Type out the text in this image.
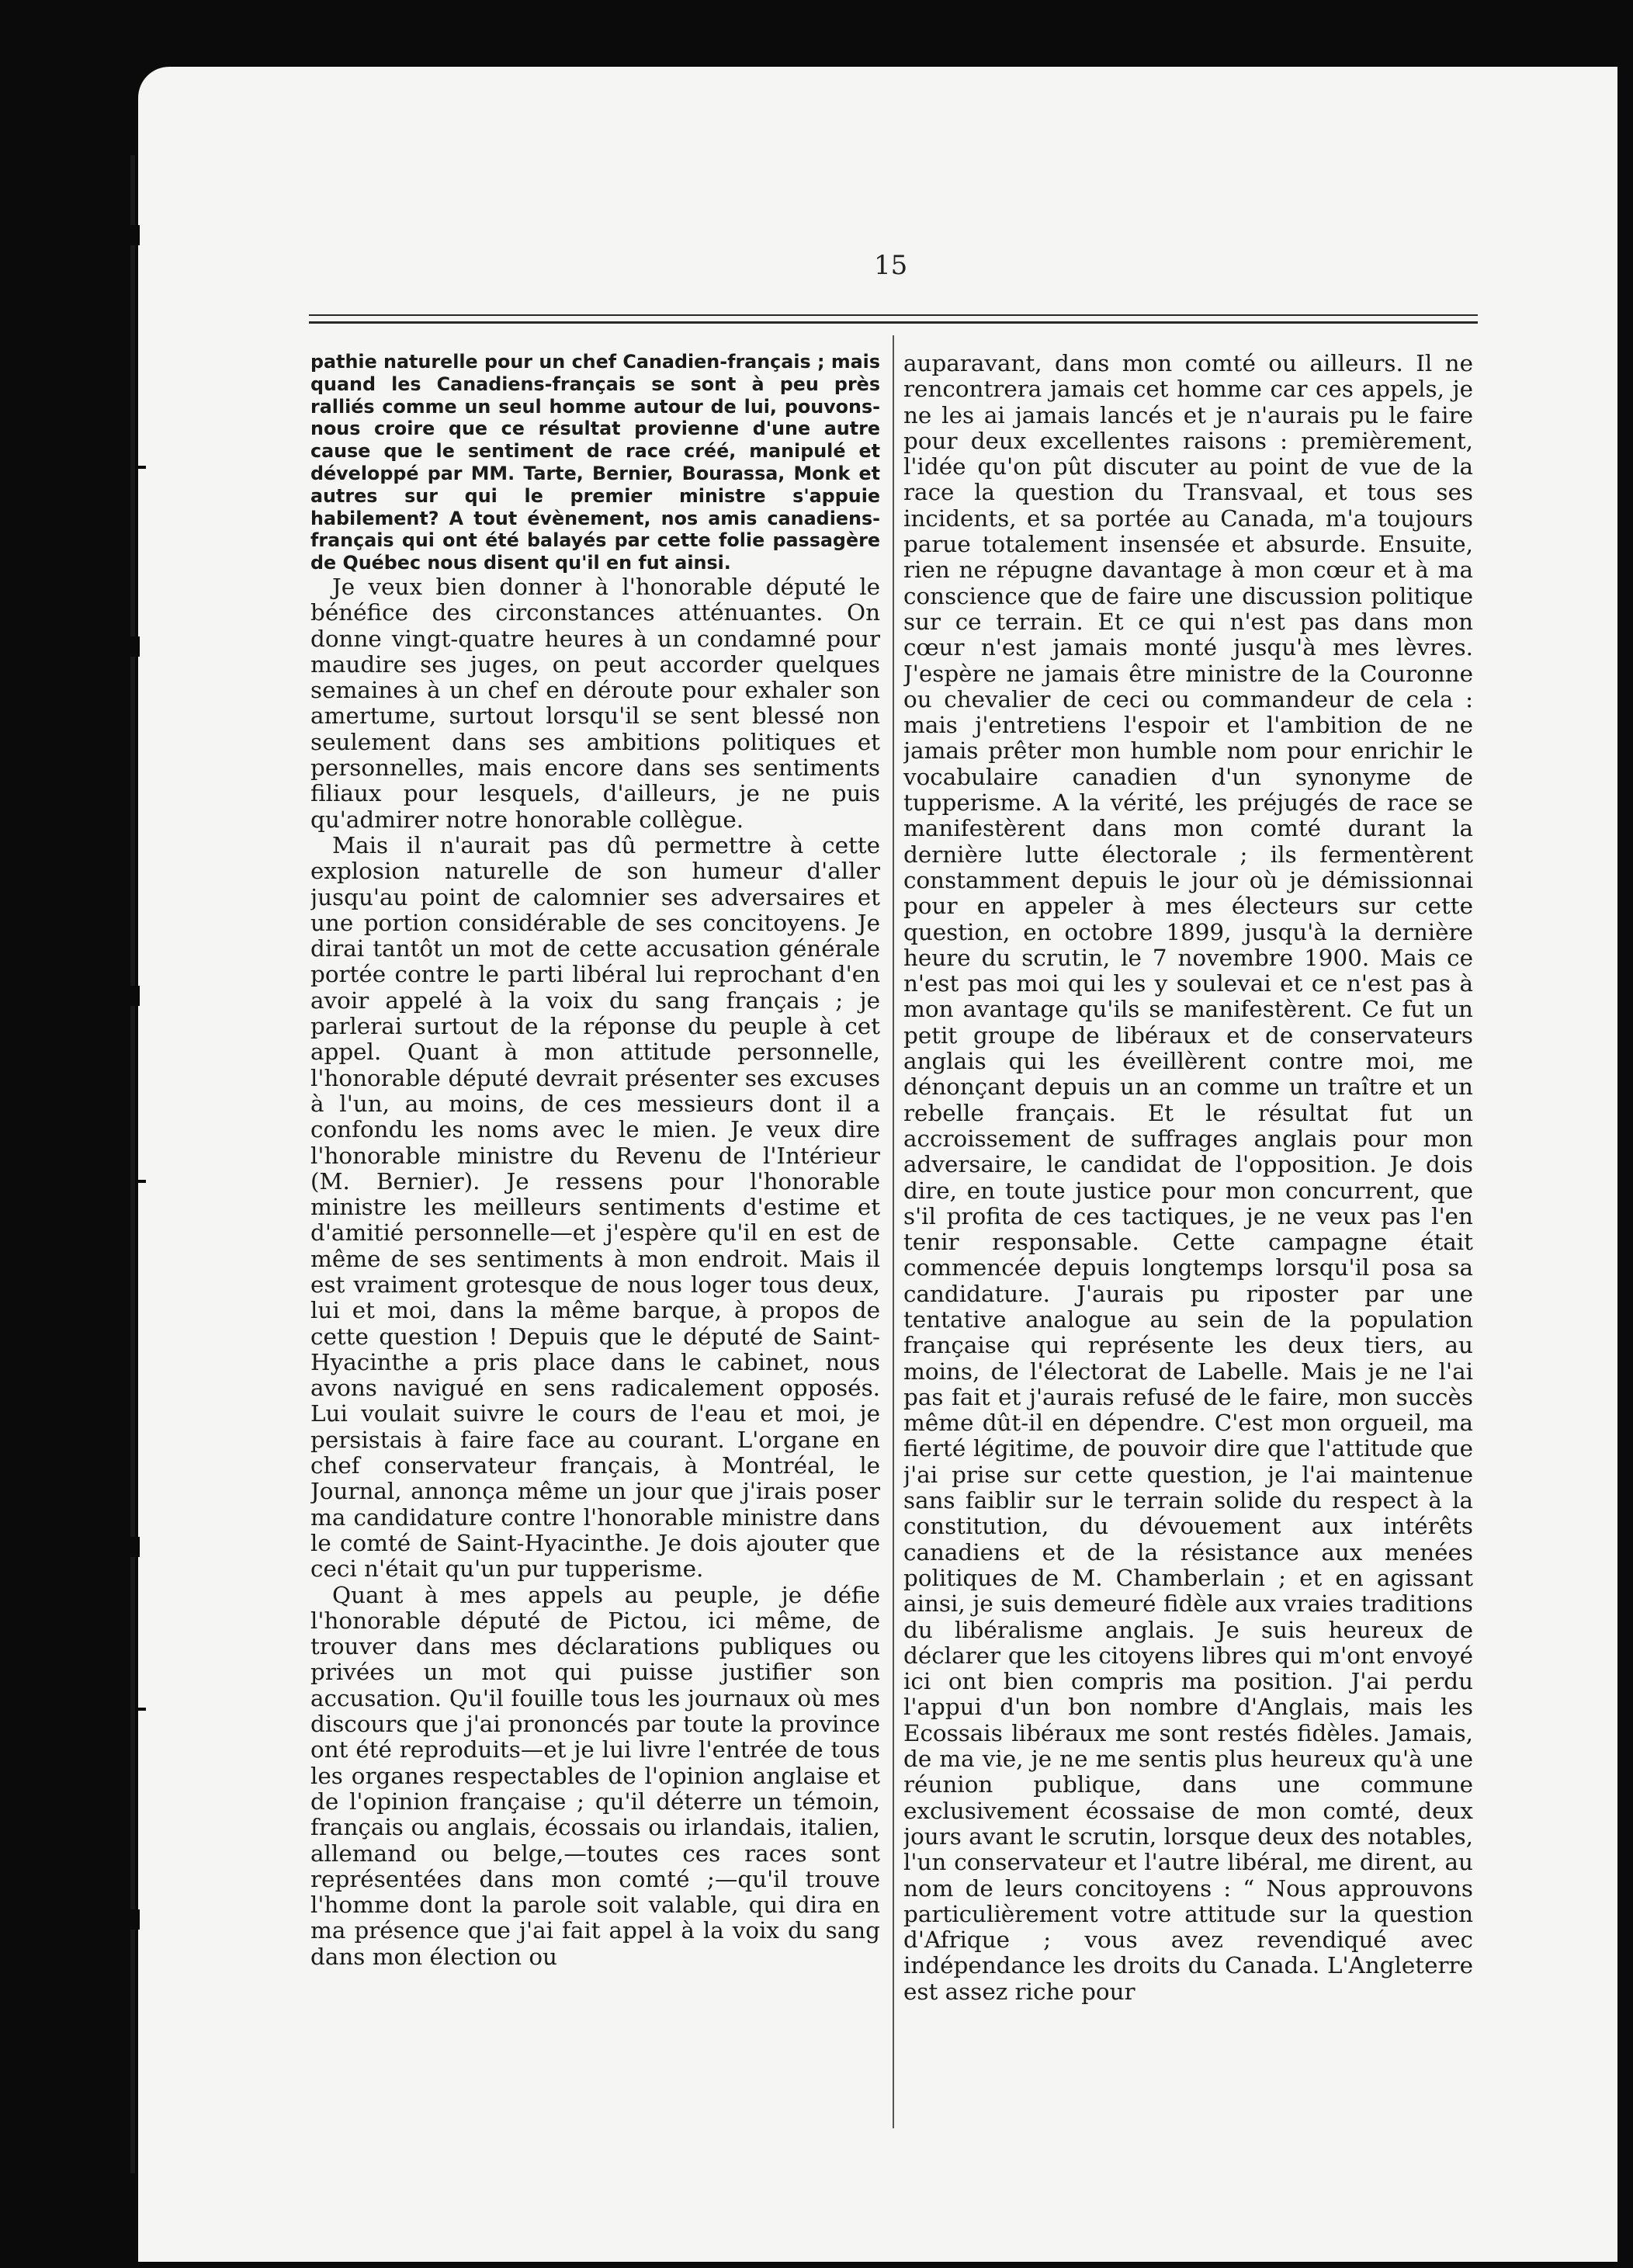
15

pathie naturelle pour un chef Canadien-français ; mais quand les Canadiens-français se sont à peu près ralliés comme un seul homme autour de lui, pouvons-nous croire que ce résultat provienne d'une autre cause que le sentiment de race créé, manipulé et développé par MM. Tarte, Bernier, Bourassa, Monk et autres sur qui le premier ministre s'appuie habilement? A tout évènement, nos amis canadiens-français qui ont été balayés par cette folie passagère de Québec nous disent qu'il en fut ainsi.

Je veux bien donner à l'honorable député le bénéfice des circonstances atténuantes. On donne vingt-quatre heures à un condamné pour maudire ses juges, on peut accorder quelques semaines à un chef en déroute pour exhaler son amertume, surtout lorsqu'il se sent blessé non seulement dans ses ambitions politiques et personnelles, mais encore dans ses sentiments filiaux pour lesquels, d'ailleurs, je ne puis qu'admirer notre honorable collègue.

Mais il n'aurait pas dû permettre à cette explosion naturelle de son humeur d'aller jusqu'au point de calomnier ses adversaires et une portion considérable de ses concitoyens. Je dirai tantôt un mot de cette accusation générale portée contre le parti libéral lui reprochant d'en avoir appelé à la voix du sang français ; je parlerai surtout de la réponse du peuple à cet appel. Quant à mon attitude personnelle, l'honorable député devrait présenter ses excuses à l'un, au moins, de ces messieurs dont il a confondu les noms avec le mien. Je veux dire l'honorable ministre du Revenu de l'Intérieur (M. Bernier). Je ressens pour l'honorable ministre les meilleurs sentiments d'estime et d'amitié personnelle—et j'espère qu'il en est de même de ses sentiments à mon endroit. Mais il est vraiment grotesque de nous loger tous deux, lui et moi, dans la même barque, à propos de cette question ! Depuis que le député de Saint-Hyacinthe a pris place dans le cabinet, nous avons navigué en sens radicalement opposés. Lui voulait suivre le cours de l'eau et moi, je persistais à faire face au courant. L'organe en chef conservateur français, à Montréal, le Journal, annonça même un jour que j'irais poser ma candidature contre l'honorable ministre dans le comté de Saint-Hyacinthe. Je dois ajouter que ceci n'était qu'un pur tupperisme.

Quant à mes appels au peuple, je défie l'honorable député de Pictou, ici même, de trouver dans mes déclarations publiques ou privées un mot qui puisse justifier son accusation. Qu'il fouille tous les journaux où mes discours que j'ai prononcés par toute la province ont été reproduits—et je lui livre l'entrée de tous les organes respectables de l'opinion anglaise et de l'opinion française ; qu'il déterre un témoin, français ou anglais, écossais ou irlandais, italien, allemand ou belge,—toutes ces races sont représentées dans mon comté ;—qu'il trouve l'homme dont la parole soit valable, qui dira en ma présence que j'ai fait appel à la voix du sang dans mon élection ou

auparavant, dans mon comté ou ailleurs. Il ne rencontrera jamais cet homme car ces appels, je ne les ai jamais lancés et je n'aurais pu le faire pour deux excellentes raisons : premièrement, l'idée qu'on pût discuter au point de vue de la race la question du Transvaal, et tous ses incidents, et sa portée au Canada, m'a toujours parue totalement insensée et absurde. Ensuite, rien ne répugne davantage à mon cœur et à ma conscience que de faire une discussion politique sur ce terrain. Et ce qui n'est pas dans mon cœur n'est jamais monté jusqu'à mes lèvres. J'espère ne jamais être ministre de la Couronne ou chevalier de ceci ou commandeur de cela : mais j'entretiens l'espoir et l'ambition de ne jamais prêter mon humble nom pour enrichir le vocabulaire canadien d'un synonyme de tupperisme. A la vérité, les préjugés de race se manifestèrent dans mon comté durant la dernière lutte électorale ; ils fermentèrent constamment depuis le jour où je démissionnai pour en appeler à mes électeurs sur cette question, en octobre 1899, jusqu'à la dernière heure du scrutin, le 7 novembre 1900. Mais ce n'est pas moi qui les y soulevai et ce n'est pas à mon avantage qu'ils se manifestèrent. Ce fut un petit groupe de libéraux et de conservateurs anglais qui les éveillèrent contre moi, me dénonçant depuis un an comme un traître et un rebelle français. Et le résultat fut un accroissement de suffrages anglais pour mon adversaire, le candidat de l'opposition. Je dois dire, en toute justice pour mon concurrent, que s'il profita de ces tactiques, je ne veux pas l'en tenir responsable. Cette campagne était commencée depuis longtemps lorsqu'il posa sa candidature. J'aurais pu riposter par une tentative analogue au sein de la population française qui représente les deux tiers, au moins, de l'électorat de Labelle. Mais je ne l'ai pas fait et j'aurais refusé de le faire, mon succès même dût-il en dépendre. C'est mon orgueil, ma fierté légitime, de pouvoir dire que l'attitude que j'ai prise sur cette question, je l'ai maintenue sans faiblir sur le terrain solide du respect à la constitution, du dévouement aux intérêts canadiens et de la résistance aux menées politiques de M. Chamberlain ; et en agissant ainsi, je suis demeuré fidèle aux vraies traditions du libéralisme anglais. Je suis heureux de déclarer que les citoyens libres qui m'ont envoyé ici ont bien compris ma position. J'ai perdu l'appui d'un bon nombre d'Anglais, mais les Ecossais libéraux me sont restés fidèles. Jamais, de ma vie, je ne me sentis plus heureux qu'à une réunion publique, dans une commune exclusivement écossaise de mon comté, deux jours avant le scrutin, lorsque deux des notables, l'un conservateur et l'autre libéral, me dirent, au nom de leurs concitoyens : “ Nous approuvons particulièrement votre attitude sur la question d'Afrique ; vous avez revendiqué avec indépendance les droits du Canada. L'Angleterre est assez riche pour
